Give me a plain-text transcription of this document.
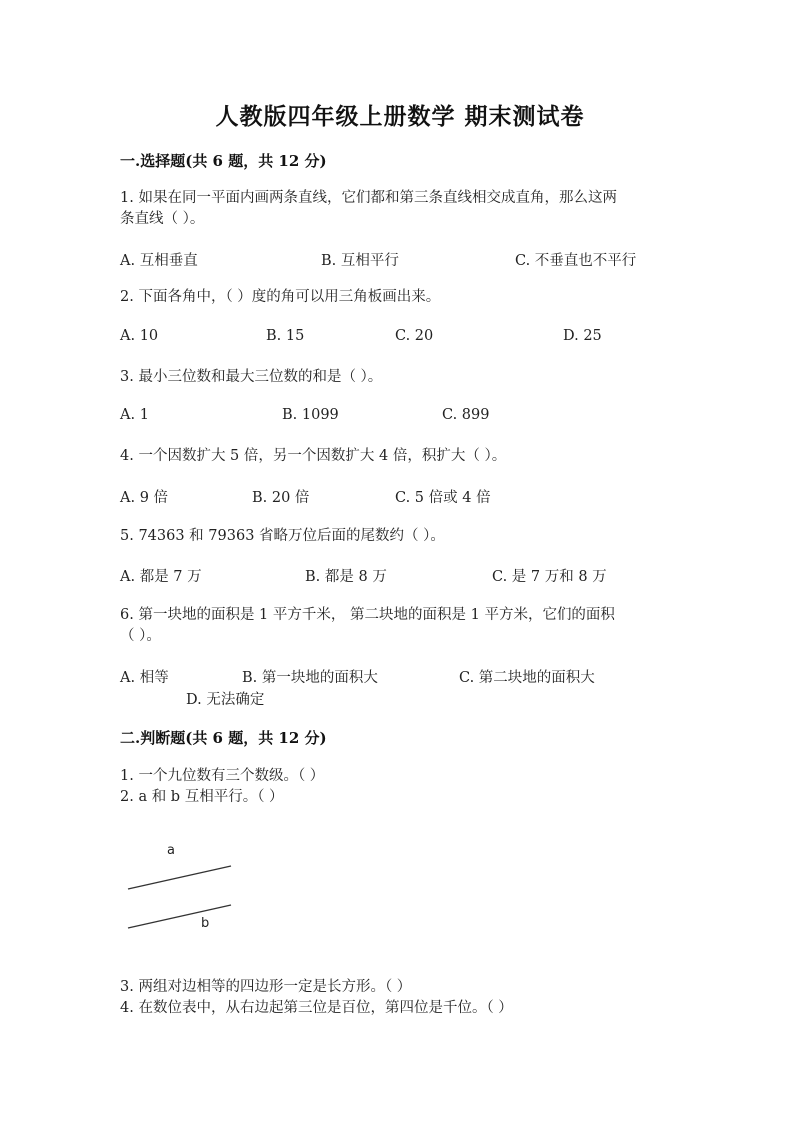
人教版四年级上册数学 期末测试卷
一.选择题(共 6 题，共 12 分)
1. 如果在同一平面内画两条直线，它们都和第三条直线相交成直角，那么这两
条直线（ ）。
A. 互相垂直	B. 互相平行	C. 不垂直也不平行
2. 下面各角中，（ ）度的角可以用三角板画出来。
A. 10	B. 15	C. 20	D. 25
3. 最小三位数和最大三位数的和是（ ）。
A. 1	B. 1099	C. 899
4. 一个因数扩大 5 倍，另一个因数扩大 4 倍，积扩大（ ）。
A. 9 倍	B. 20 倍	C. 5 倍或 4 倍
5. 74363 和 79363 省略万位后面的尾数约（ ）。
A. 都是 7 万	B. 都是 8 万	C. 是 7 万和 8 万
6. 第一块地的面积是 1 平方千米， 第二块地的面积是 1 平方米，它们的面积
（ ）。
A. 相等	B. 第一块地的面积大	C. 第二块地的面积大
D. 无法确定
二.判断题(共 6 题，共 12 分)
1. 一个九位数有三个数级。（ ）
2. a 和 b 互相平行。（ ）
a
b
3. 两组对边相等的四边形一定是长方形。（ ）
4. 在数位表中，从右边起第三位是百位，第四位是千位。（ ）
